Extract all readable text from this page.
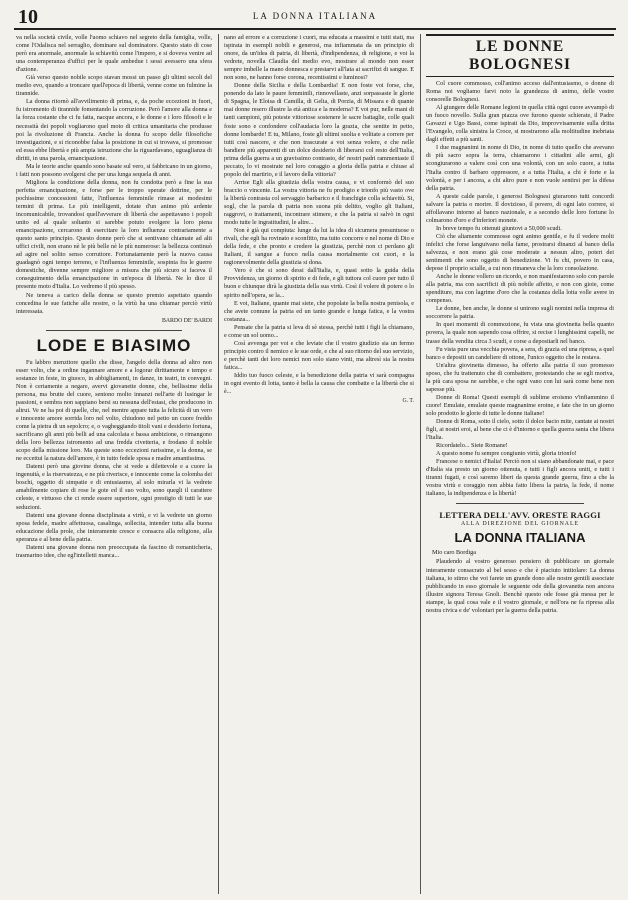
10	LA DONNA ITALIANA

va nella società civile, volle l'uomo schiavo nel segreto della famiglia, volle, come l'Odalisca nel serraglio, dominare sul dominatore. Questo stato di cose però era anormale, anormale la schiavitù come l'impero, e si doveva venire ad una contemperanza d'uffici per le quale ambedue i sessi avessero una sfera d'azione.

Già verso questo nobile scopo stavan mossi un passo gli ultimi secoli del medio evo, quando a troncare quell'epoca di libertà, venne come un fulmine la tirannide.

La donna ritornò all'avvilimento di prima, e, da poche eccezioni in fuori, fu istromento di tirannide fomentando la corruzione. Però l'amore alla donna e la forza costante che ci fu fatta, nacque ancora, e le donne e i loro filosofi e le necessità dei popoli vogliarono quel moto di critica umanitaria che produsse poi la rivoluzione di Francia. Anche la donna fu scopo delle filosofiche investigazioni, e si riconobbe falsa la posizione in cui si trovava, si promosse ed essa ebbe libertà e più ampia istruzione che la riguardavano, uguaglianza di diritti, in una parola, emancipazione.

Ma le teorie anche quando sono basate sul vero, si fabbricano in un giorno, i fatti non possono svolgersi che per una lunga sequela di anni.

Migliora la condizione della donna, non fu condotta però a fine la sua perfetta emancipazione, e forse per le troppo sperate dottrine, per le pochissime concessioni fatte, l'influenza femminile rimase ai modesimi termini di prima. Le più intelligenti, dotate d'un animo più ardente incomunicabile, trovandosi quell'avverare di libertà che aspettavano i popoli unito ed al quale soltanto si sarebbe potuto svolgere la loro piena emancipazione, cercarono di esercitare la loro influenza contrariamente a questo santo principio. Questo donne però che si sentivano chiamate ad alti uffici civili, non erano nè le più belle nè le più numerose: la bellezza continuò ad agire nel solito senso corruttore. Fortunatamente però la nuova causa guadagnò ogni tempo terreno, e l'influenza femminile, sospinta fra le guerre domestiche, divenne sempre migliore a misura che più sicuro si faceva il conseguimento della emancipazione in un'epoca di libertà. Ne lo dice il presente moto d'Italia. Lo vedremo il più spesso.

Ne teneva a carico della donna se questo premio aspettato quando concedina le sue fatiche alle nostre, o la virtù ha una chiamar perciò virtù interessata.

BARDO DE' BARDI
LODE E BIASIMO

Fu labbro menzitore quello che disse, l'angelo della donna ad altro non esser volto, che a ordine ingannare amore e a logorar dirittamente e tempo e sostanze in feste, in giuoco, in abbigliamenti, in danze, in teatri, in convegni. Non è certamente a negare, avervi giovanette donne, che, bellissime della persona, ma brutte del cuore, sentono molto innanzi nell'arte di lusingar le passioni, e sembra non sappiano bersi su nessuna dell'estasi, che producono in altrui. Ve ne ha poi di quelle, che, nel mentre appare tutta la felicità di un vero e innocente amore sorrida loro nel volto, chiudono nel petto un cuore freddo come la pietra di un sepolcro; e, o vagheggiando titoli vani e desiderio fortuna, sacrificano gli anni più belli ad una calcolata e bassa ambizione, o rimangono della loro bellezza istromento ad una fredda civetteria, e frodano il nobile scopo della missione loro. Ma queste sono eccezioni rarissime, e la donna, se ne eccettui la natura dell'amore, è in tutto fedele sposa e madre amantissima.

Datemi però una giovine donna, che si vede a dilettevole e a cuore la ingenuità, e la riservatezza, e ne più riverisce, e innocente come la colomba dei boschi, oggetto di simpatie e di entusiasmo, al solo mirarla vi la vedrete amabilmente copiare di rose le gote ed il suo volto, sono quegli il carattere celeste, e virtuoso che ci rende essere superiore, ogni prestigio di tutti le sue seduzioni.

Datemi una giovane donna disciplinata a virtù, e vi la vedrete un giorno sposa fedele, madre affettuosa, casalinga, sollecita, intender tutta alla buona educazione della prole, che interamente cresce e consacra alla religione, alla speranza e al bene della patria.

Datemi una giovane donna non preoccupata da fascino di romanticheria, trasmarino idee, che egl'intelletti manca...

nano ad errore e a corruzione i cuori, ma educata a massimi e tutti stati, ma ispirata in esempli nobili e generosi, ma infiammata da un principio di onore, da un'idea di patria, di libertà, d'indipendenza, di religione, e voi la vedrete, novella Claudia del medio evo, mostrare al mondo non esser sempre imbelle la mano donnesca e prestarvi all'lata ai sacrifizi di sangue. E non sono, ne hanno forse corona, recentissimi e luminosi?

Donne della Sicilia e della Lombardia! E non foste voi forse, che, ponendo da lato le paure femminili, rinnovellaste, anzi sorpassaste le glorie di Spagna, le Eloisa di Camilla, di Gelia, di Porzia, di Missara e di quante mai donne resero illustre la età antica e la moderna? E voi pur, nelle mani di tanti campioni, più poteste vittoriose sostenere le sacre battaglie, colle quali foste sono e confondere coll'audacia loro la grazia, che sentite in petto, donne lombarde! E tu, Milano, foste gli ultimi suolta e volitate a correre per tutti così nascere, e che non trascurate a voi senza volere, e che nelle bandiere più apparenti di un dolce desiderio di liberarsi col resto dell'Italia, prima della guerra a un gravissimo contrasto, de' nostri padri rammentaste il peccato, lo vi mostrate nel loro coraggio a gloria della patria e chiuse al popolo del martirio, e il lavoro della vittoria?

Arrise Egli alla giustizia della vostra causa, e vi conformò del suo braccio o vincente. La vostra vittoria ne fu prodigio e trionfo più vasto ove la libertà contrasta col servaggio barbarico e il franchigie colla schiavitù. Si, sogl, che la parola di patria non suona più delitto, voglio gli Italiani, raggrovi, o trattamenti, incontrare stimere, e che la patria si salvò in ogni modo tutte le ingratitudini, le altre...

Non è già qui compiuta: lunge da lui la idea di sicumera presuntuose o rivali, che egli ha rovinato e sconfitto, ma tutto concorre e nel nome di Dio e della fede, e che pronto e credere la giustizia, perchè non ci perdano gli Italiani, il sangue a fuoco nella causa mortalmente coi cuori, e la ragionevolmente della giustizia si dona.

Vero è che si sono dessi dall'Italia, e, quasi sotto la guida della Provvidenza, un giorno di spirito e di fede, e gli tuttora col cuore per tutto il buon e chiunque dirà la giustizia della sua virtù. Così il volere di potere o lo spirito nell'opera, se la...

E voi, Italiane, quante mai siete, che popolate la bella nostra penisola, e che avete comune la patria ed un tanto grande e lunga fatica, e la vostra costanza...

Pensate che la patria si leva di sè stessa, perchè tutti i figli la chiamano, e come un sol uomo...

Così avvenga per voi e che leviate che il vostro giudizio sia un fermo principio contro il nemico e le sue orde, e che al suo ritorno del suo servizio, e perchè tanti dei loro nemici non solo siano vinti, ma altresì sia la nostra fatica...

Iddio tuo fuoco celeste, e la benedizione della patria vi sarà compagna in ogni evento di lotta, tanto è bella la causa che combatte e la libertà che si è...

G. T.
LE DONNE BOLOGNESI

Col cuore commosso, coll'animo acceso dall'entusiasmo, o donne di Roma noi vogliamo farvi noto la grandezza di animo, delle vostre consorelle Bolognesi.

Al giungere delle Romane legioni in quella città ogni cuore avvampò di un fuoco novello. Sulla gran piazza ove furono queste schierate, il Padre Gavazzi e Ugo Bassi, come ispirati da Dio, improvvisamente sulla dritta l'Evangelo, colla sinistra la Croce, si mostrarono alla moltitudine inebriata dagli effetti a più santi.

I due magnanimi in nome di Dio, in nome di tutto quello che avevano di più sacro sopra la terra, chiamarono i cittadini alle armi, gli scongiurarono a valere così con una volontà, con un solo cuore, a tutta l'Italia contro il barbaro oppressore, e a tutta l'Italia, a chi è forte e la volontà, e per i ancora, a chi altro pure e non vuole sentirsi per la difesa della patria.

A queste calde parole, i generosi Bolognesi giurarono tutti concordi salvare la patria o morire. Il dovizioso, il povero, di ogni lato correre, si affollavano intorno al banco nazionale, e a secondo delle loro fortune lo colmarono d'oro e d'inferiori monete.

In breve tempo fu ottenuti giuntovi a 50,000 scudi.

Ciò che altamente commosse ogni animo gentile, e fu il vedere molti infelici che forse languivano nella fame, prostrarsi dinanzi al banco della salvezza, e non erano già cose moderate a nessun altro, poteri dei sentimenti che sono oggetto di benedizione. Vi fu chi, povero in casa, depose il proprio scialle, a cui non rimaneva che la loro consolazione.

Anche le donne vollero un ricordo, e non manifestarono solo con parole alla patria, ma con sacrificii di più nobile affetto, e non con gioie, come spenditure, ma con lagrime d'oro che la costanza della lotta volle avere in compenso.

Le donne, ben anche, le donne si unirono sugli nomini nella impresa di soccorrere la patria.

In quei momenti di commozione, fu vista una giovinetta bella quanto povera, la quale non sapendo cosa offrire, si recise i lunghissimi capelli, ne trasse della vendita circa 3 scudi, e corse a depositarli nel banco.

Fu vista pure una vecchia povera, a sera, di grazia ed una ripresa, a quel banco e depositi un candeliere di ottone, l'unico oggetto che le restava.

Un'altra giovinetta dimesso, ha offerto alla patria il suo promesso sposo, che fu trattenuto che di combattere, protestando che se egli moriva, la più cara sposa ne sarebbe, e che ogni vano con lui sarà come bene non sapesse più.

Donne di Roma! Questi esempli di sublime eroismo v'infiammino il cuore! Emulate, emulate queste magnanime eroine, e fate che in un giorno solo prodotto le glorie di tutte le donne italiane!

Donne di Roma, sotto il cielo, sotto il dolce bacio mite, cantate ai nostri figli, ai nostri eroi, al bene che ci è d'intorno e quella guerra santa che libera l'Italia.

Ricordatelo... Siete Romane!

A questo nome fu sempre congiunto virtù, gloria trionfo!

Francese o nemici d'Italia! Perciò non si siano abbandonate mai, e pace d'Italia sia presto un giorno ottenuta, e tutti i figli ancora uniti, e tutti i tiranni fugati, e così saremo liberi da questa grande guerra, fino a che la vostra virtù e coraggio non abbia fatto libera la patria, la fede, il nome italiano, la indipendenza e la libertà!

LETTERA DELL'AVV. ORESTE RAGGI
ALLA DIREZIONE DEL GIORNALE
LA DONNA ITALIANA
Mio caro Bordiga

Plaudendo al vostro generoso pensiero di pubblicare un giornale interamente consacrato al bel sesso e che è piaciuto intitolare: La donna italiana, io stimo che voi farete un grande dono alle nostre gentili associate pubblicando in esso giornale le seguente ode della giovanetta non ancora illustre signora Teresa Gnoli. Benchè questo ode fosse già messa per le stampe, la qual cosa vale e il vostro giornale, e nell'ora ne fa ripresa alla nostra civica e de' volontari per la guerra della patria.
